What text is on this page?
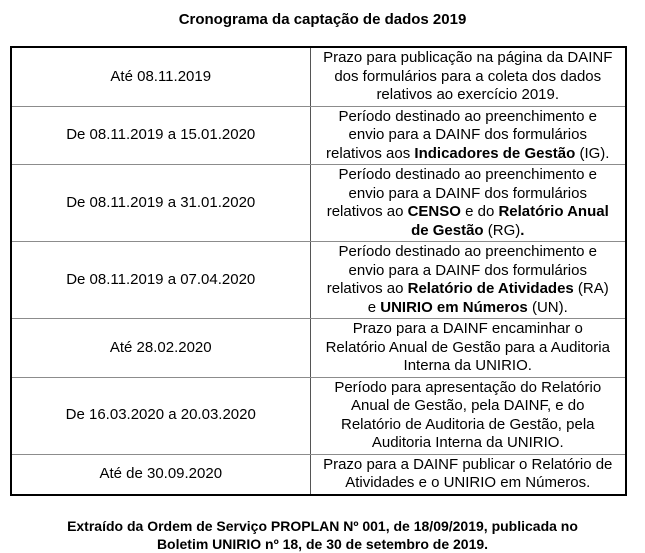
Cronograma da captação de dados 2019
Até 08.11.2019	Prazo para publicação na página da DAINF
dos formulários para a coleta dos dados
relativos ao exercício 2019.

De 08.11.2019 a 15.01.2020	Período destinado ao preenchimento e
envio para a DAINF dos formulários
relativos aos Indicadores de Gestão (IG).

De 08.11.2019 a 31.01.2020	Período destinado ao preenchimento e
envio para a DAINF dos formulários
relativos ao CENSO e do Relatório Anual
de Gestão (RG).

De 08.11.2019 a 07.04.2020	Período destinado ao preenchimento e
envio para a DAINF dos formulários
relativos ao Relatório de Atividades (RA)
e UNIRIO em Números (UN).

Até 28.02.2020	Prazo para a DAINF encaminhar o
Relatório Anual de Gestão para a Auditoria
Interna da UNIRIO.

De 16.03.2020 a 20.03.2020	Período para apresentação do Relatório
Anual de Gestão, pela DAINF, e do
Relatório de Auditoria de Gestão, pela
Auditoria Interna da UNIRIO.

Até de 30.09.2020	Prazo para a DAINF publicar o Relatório de
Atividades e o UNIRIO em Números.
Extraído da Ordem de Serviço PROPLAN Nº 001, de 18/09/2019, publicada no
Boletim UNIRIO nº 18, de 30 de setembro de 2019.
